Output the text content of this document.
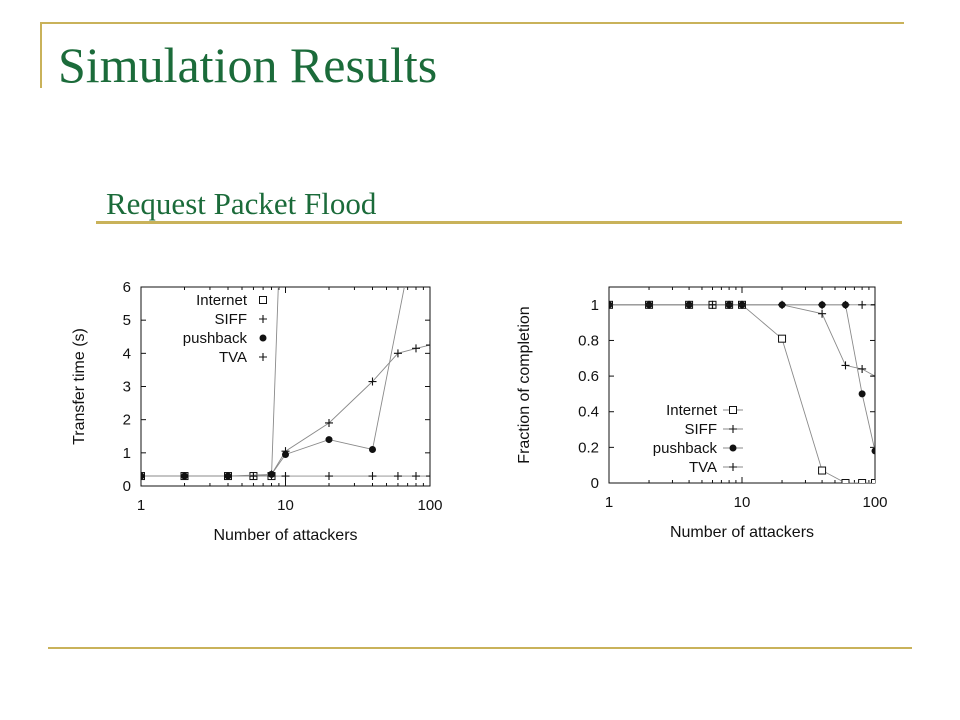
Simulation Results
Request Packet Flood
0
1
2
3
4
5
6
1	10	100
Number of attackers
Transfer time (s)
Internet
SIFF
pushback
TVA
0
0.2
0.4
0.6
0.8
1
1	10	100
Number of attackers
Fraction of completion	Internet
SIFF
pushback
TVA
